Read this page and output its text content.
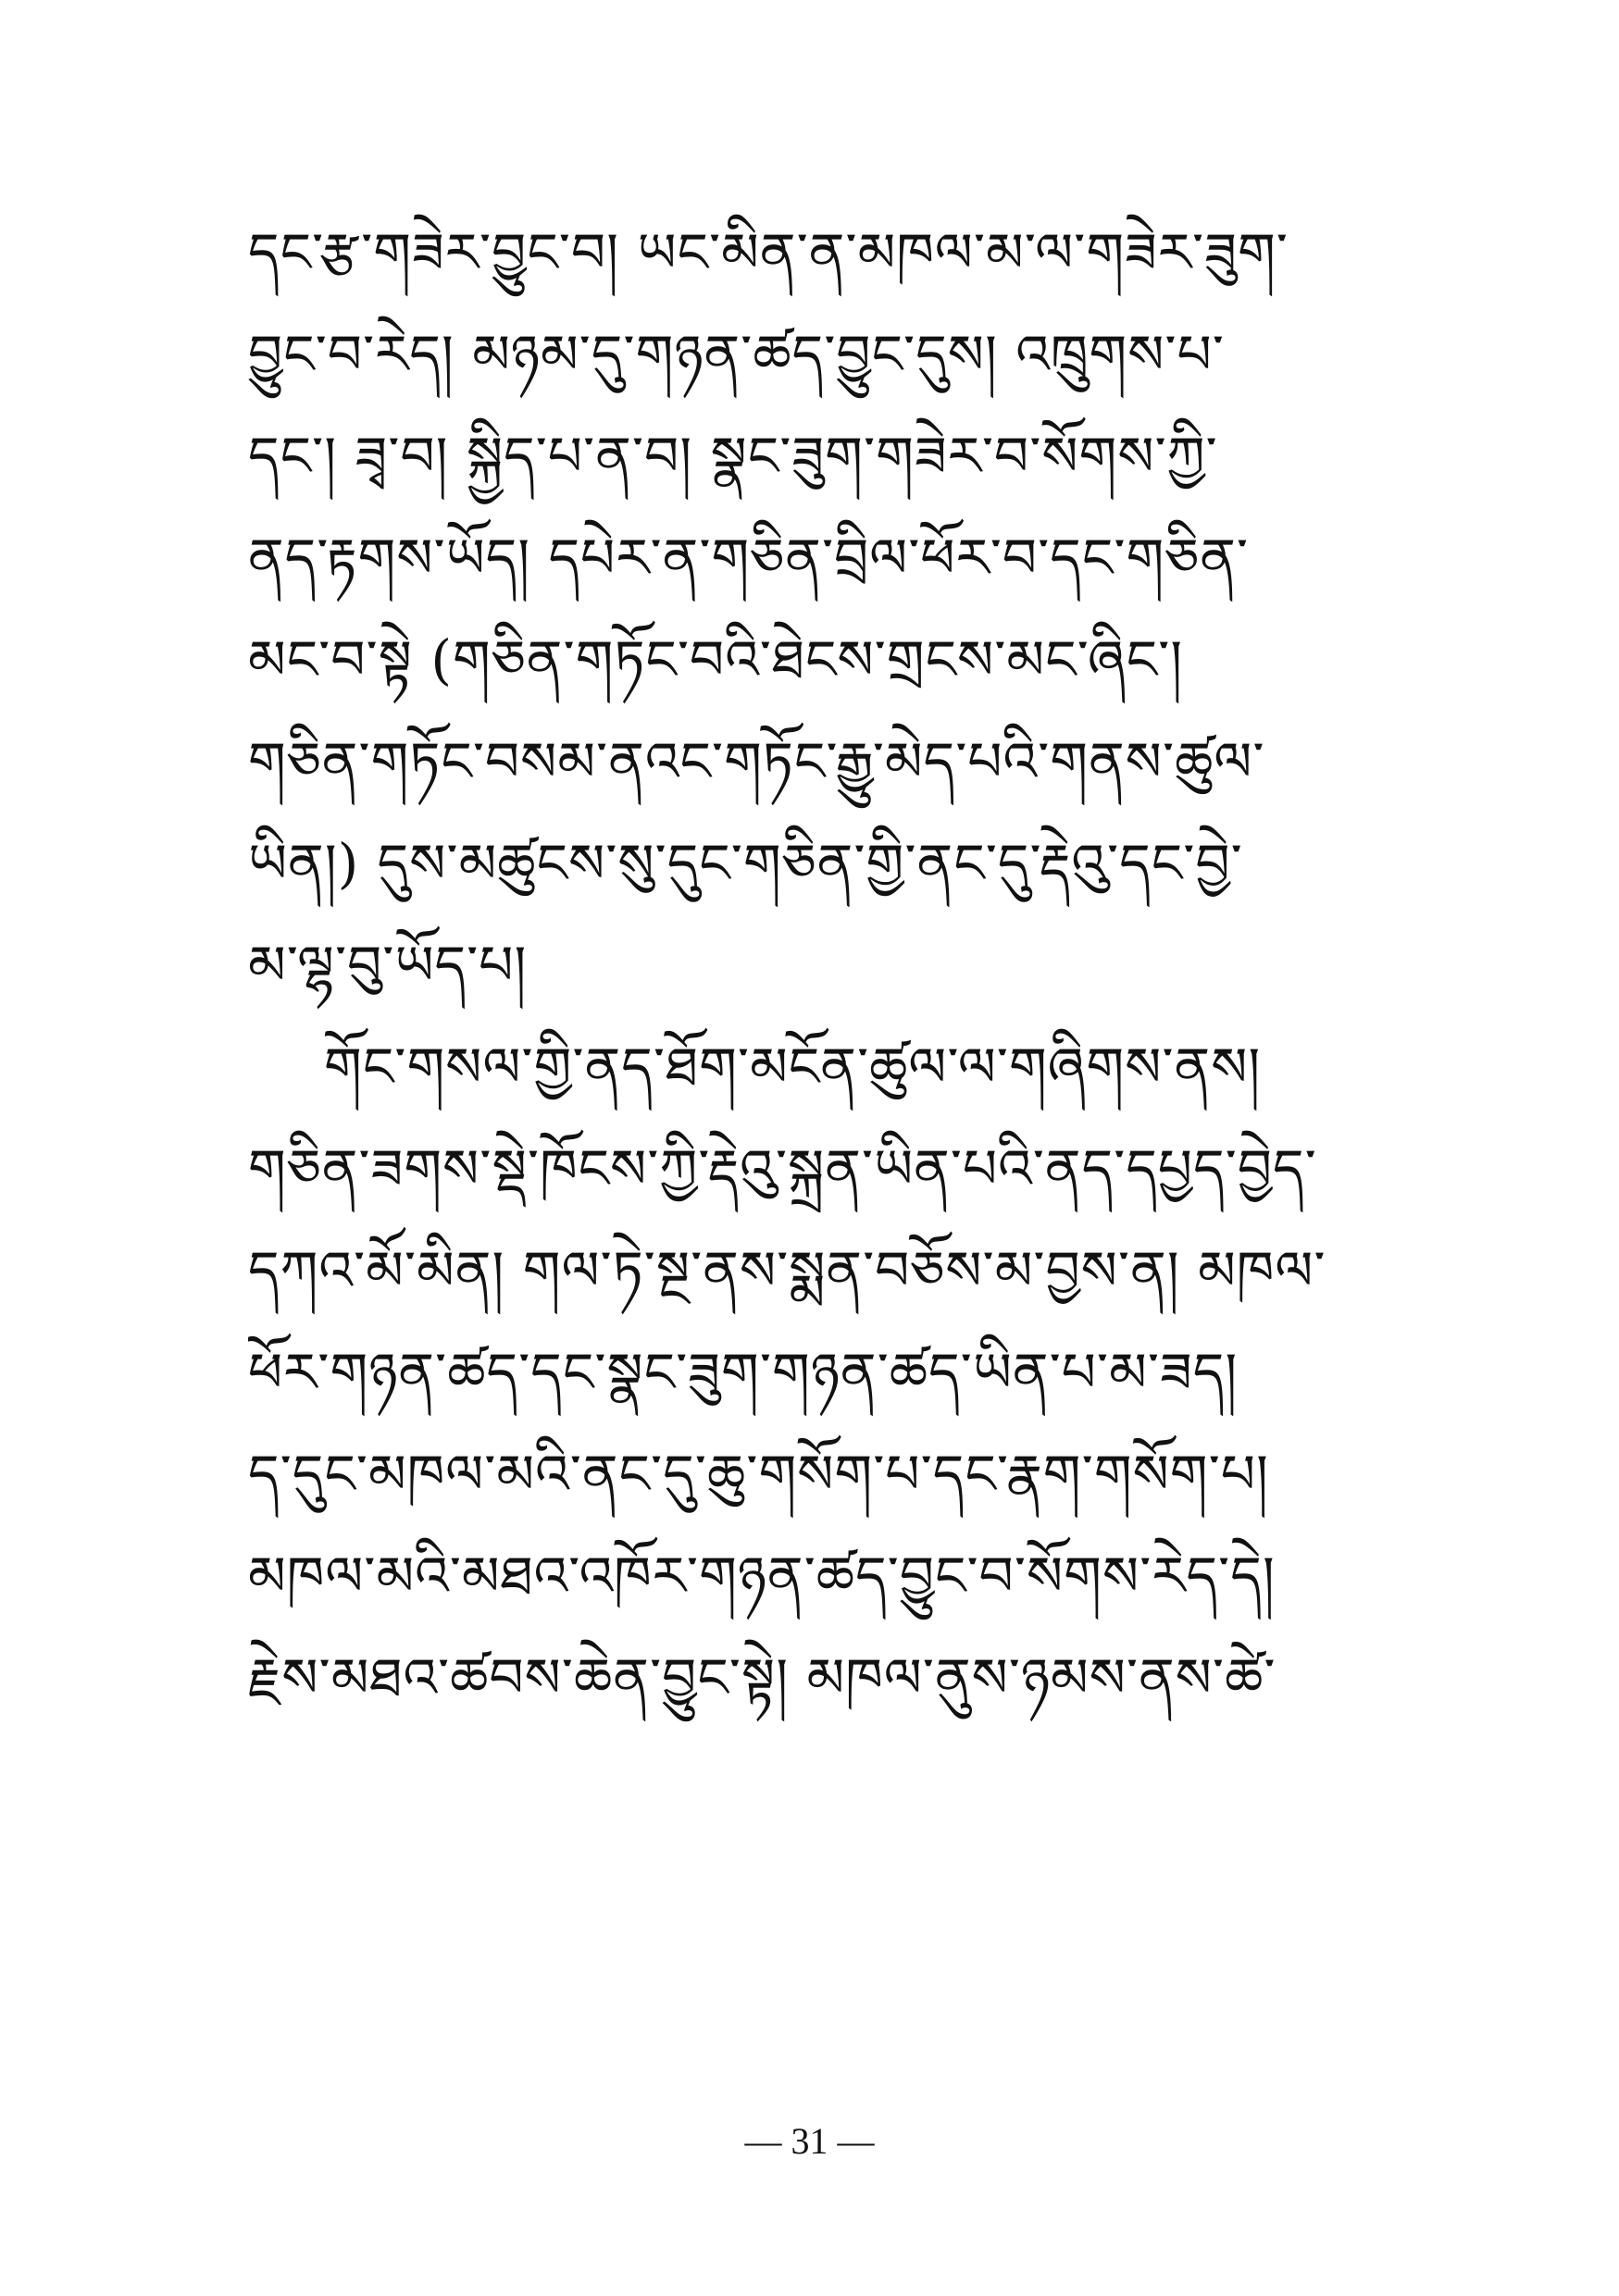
དང་རྩ་གཟེར་བྱུང་བ། ཡང་མིན་ན་མཁལ་མ་ལ་གཟེར་ཟུག་
བྱུང་བ་རེད། མཉམ་དུ་གཉན་ཚད་བྱུང་དུས། འཁྲུགས་པ་
དང་། ཟྭ་བ། སྐྱིད་པ་ན་བ། སྣང་ཟུག་གཟེར་བ་སོགས་ཀྱི་
ནད་རྟགས་ཡོད། དཔེར་ན་གཅིན་བྲིལ་ཕོར་བ་དང་གཅིན་
མང་བ་སྟེ (གཅིན་གཏོང་བའི་ཐེངས་གྲངས་མང་ཞིང་།
གཅིན་གཏོང་བསམ་ནའང་གཏོང་རྒྱུ་མེད་པའི་གནས་ཚུལ་
ཡིན།) དུས་མཚུངས་སུ་དུང་གཅིན་གྱི་ནང་དུ་རྡེའུ་དང་བྱེ་
མ་ལྷ་བུ་ཡོད་པ།
གོང་གསལ་གྱི་ནད་ཐོག་མངོན་ཚུལ་ལ་གཞིགས་ནས།
གཅིན་ཟགས་སྡེ་ཁོངས་ཀྱི་རྡེའུ་སྐྲན་ཡིན་པའི་ནད་དཔྱད་བྱེད་
དཀའ་མོ་མིན། གལ་ཏེ་སྔ་ནས་སྨན་བཅོས་མ་བྱས་ན། མཁལ་
ཕོར་གཉན་ཚད་དང་སྣང་ཟུག་གཉན་ཚད་ཡིན་པ་མ་ཟད།
ད་དུང་མཁལ་མའི་ནང་དུ་ཆུ་གསོག་པ་དང་རྣག་གསོག་པ།
མཁལ་མའི་མཐའ་འཁོར་གཉན་ཚད་བྱུང་བ་སོགས་རེད་དེ།
རྗེས་མཐའ་ཚབས་ཆེན་བྱུང་སྟེ། མཁལ་ནུས་ཉམས་ནས་ཚེ་
— 31 —
